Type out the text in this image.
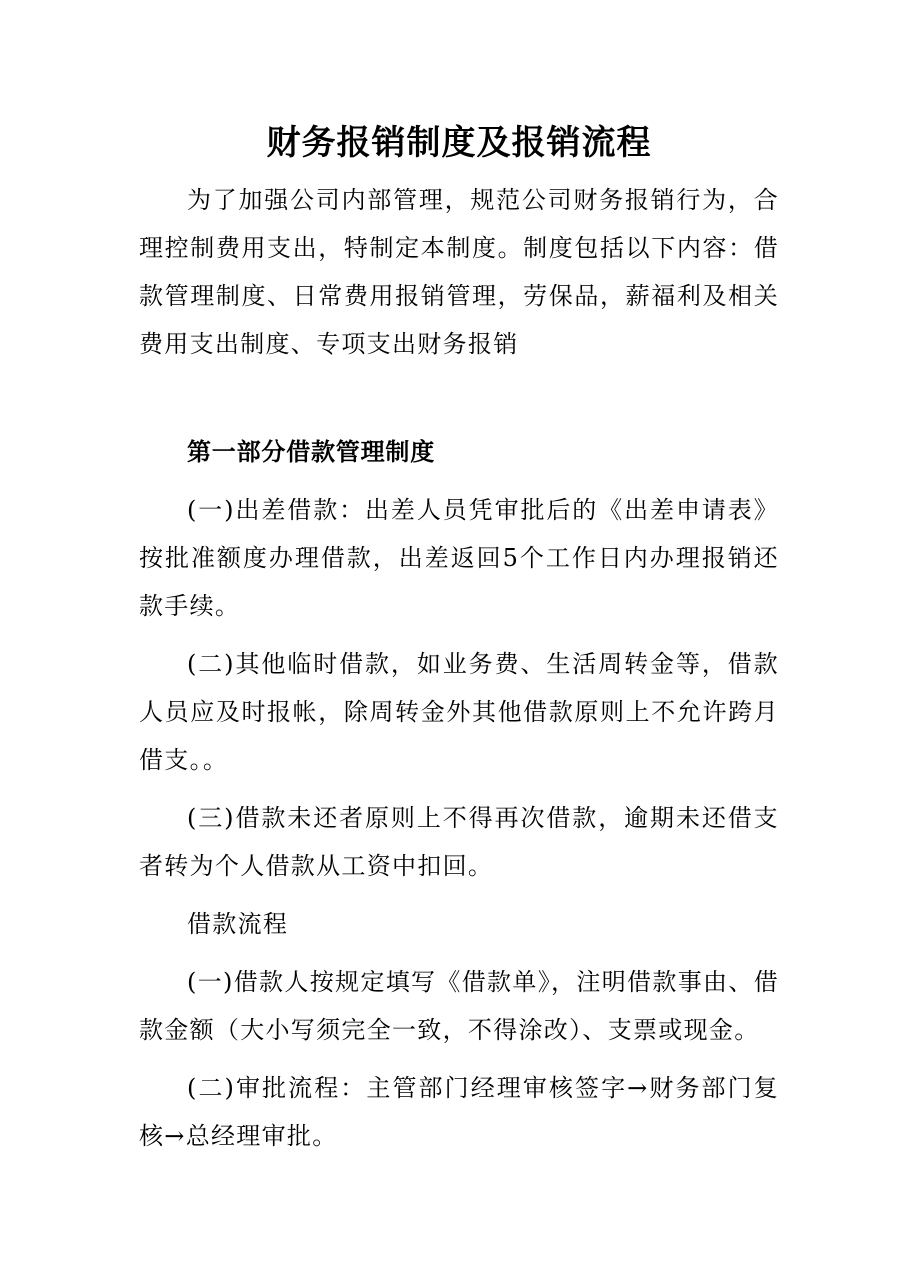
财务报销制度及报销流程

为了加强公司内部管理，规范公司财务报销行为，合理控制费用支出，特制定本制度。制度包括以下内容：借款管理制度、日常费用报销管理，劳保品，薪福利及相关费用支出制度、专项支出财务报销

第一部分借款管理制度

(一)出差借款：出差人员凭审批后的《出差申请表》按批准额度办理借款，出差返回5个工作日内办理报销还款手续。

(二)其他临时借款，如业务费、生活周转金等，借款人员应及时报帐，除周转金外其他借款原则上不允许跨月借支。。

(三)借款未还者原则上不得再次借款，逾期未还借支者转为个人借款从工资中扣回。

借款流程

(一)借款人按规定填写《借款单》，注明借款事由、借款金额（大小写须完全一致，不得涂改）、支票或现金。

(二)审批流程：主管部门经理审核签字→财务部门复核→总经理审批。
